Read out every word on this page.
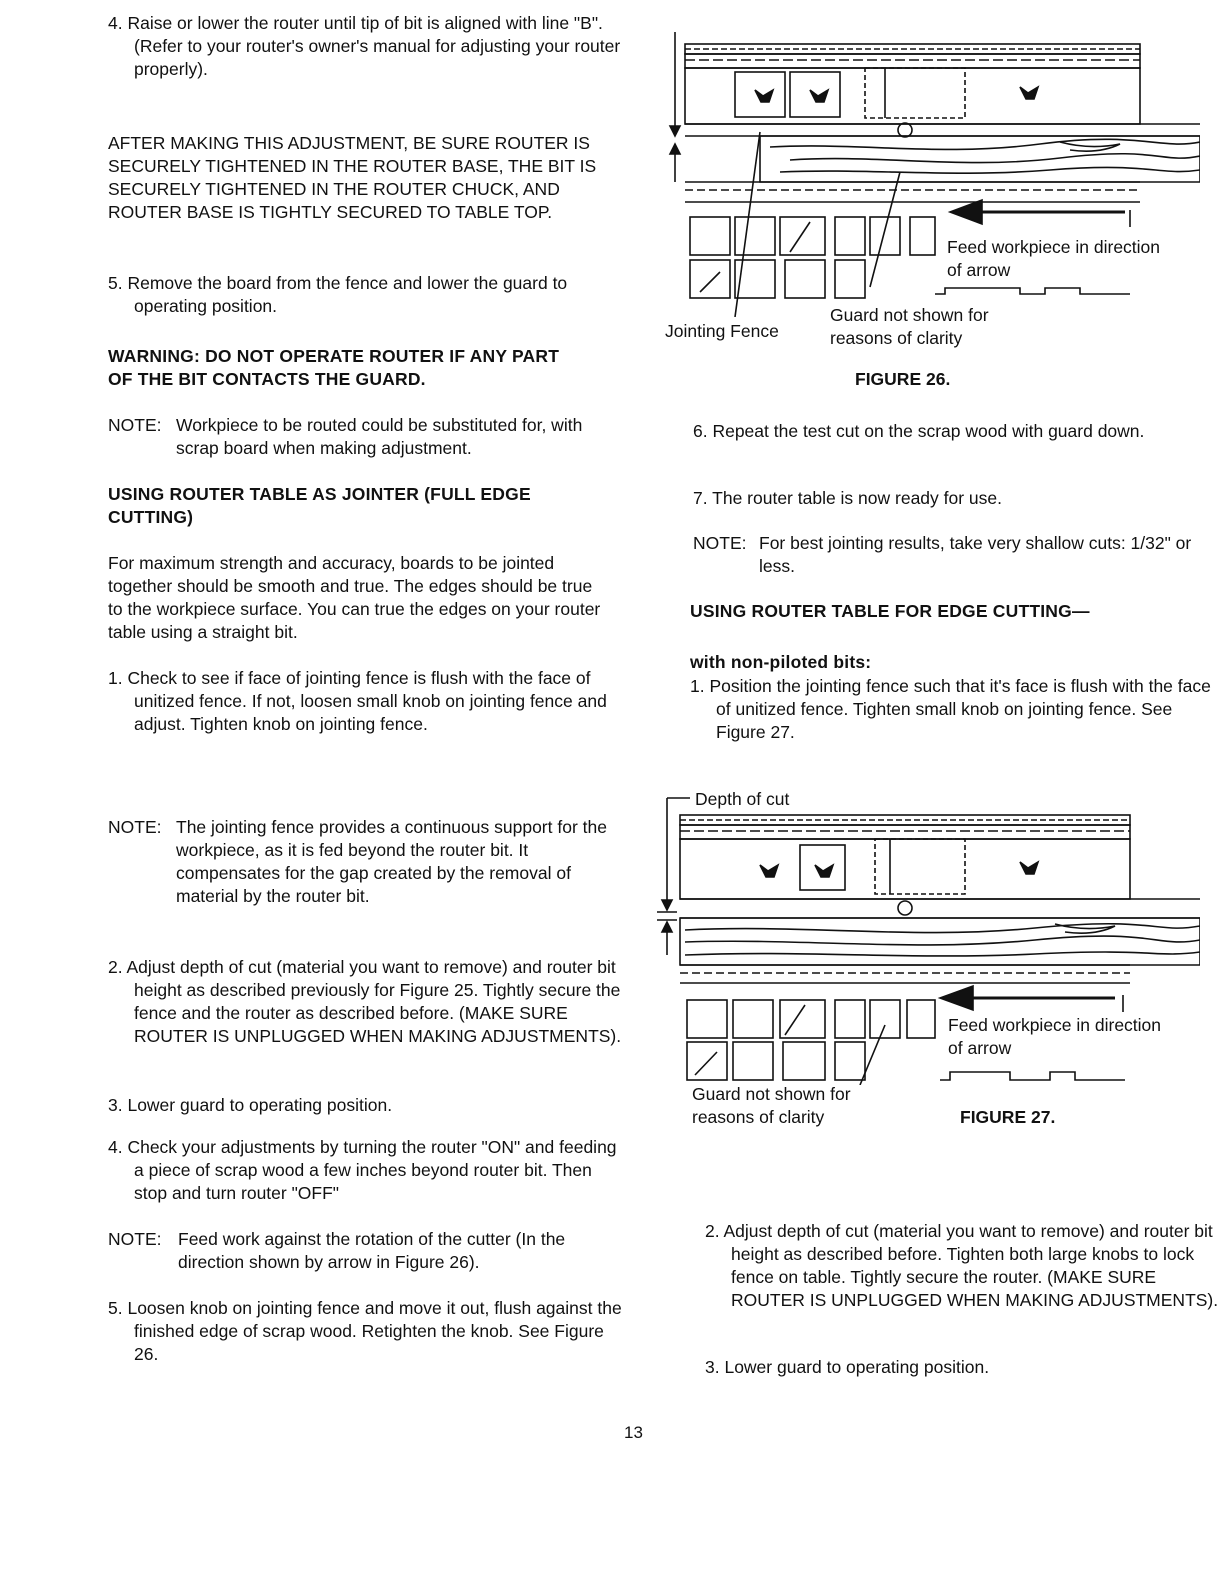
4. Raise or lower the router until tip of bit is aligned with line "B". (Refer to your router's owner's manual for adjusting your router properly).

AFTER MAKING THIS ADJUSTMENT, BE SURE ROUTER IS SECURELY TIGHTENED IN THE ROUTER BASE, THE BIT IS SECURELY TIGHTENED IN THE ROUTER CHUCK, AND ROUTER BASE IS TIGHTLY SECURED TO TABLE TOP.

5. Remove the board from the fence and lower the guard to operating position.

WARNING: DO NOT OPERATE ROUTER IF ANY PART OF THE BIT CONTACTS THE GUARD.

NOTE: Workpiece to be routed could be substituted for, with scrap board when making adjustment.

USING ROUTER TABLE AS JOINTER (FULL EDGE CUTTING)

For maximum strength and accuracy, boards to be jointed together should be smooth and true. The edges should be true to the workpiece surface. You can true the edges on your router table using a straight bit.

1. Check to see if face of jointing fence is flush with the face of unitized fence. If not, loosen small knob on jointing fence and adjust. Tighten knob on jointing fence.

NOTE: The jointing fence provides a continuous support for the workpiece, as it is fed beyond the router bit. It compensates for the gap created by the removal of material by the router bit.

2. Adjust depth of cut (material you want to remove) and router bit height as described previously for Figure 25. Tightly secure the fence and the router as described before. (MAKE SURE ROUTER IS UNPLUGGED WHEN MAKING ADJUSTMENTS).

3. Lower guard to operating position.

4. Check your adjustments by turning the router "ON" and feeding a piece of scrap wood a few inches beyond router bit. Then stop and turn router "OFF"

NOTE: Feed work against the rotation of the cutter (In the direction shown by arrow in Figure 26).

5. Loosen knob on jointing fence and move it out, flush against the finished edge of scrap wood. Retighten the knob. See Figure 26.

Feed workpiece in direction of arrow

Jointing Fence

Guard not shown for reasons of clarity

FIGURE 26.

6. Repeat the test cut on the scrap wood with guard down.

7. The router table is now ready for use.

NOTE: For best jointing results, take very shallow cuts: 1/32" or less.

USING ROUTER TABLE FOR EDGE CUTTING—

with non-piloted bits:

1. Position the jointing fence such that it's face is flush with the face of unitized fence. Tighten small knob on jointing fence. See Figure 27.

Depth of cut

Feed workpiece in direction of arrow

Guard not shown for reasons of clarity	FIGURE 27.

2. Adjust depth of cut (material you want to remove) and router bit height as described before. Tighten both large knobs to lock fence on table. Tightly secure the router. (MAKE SURE ROUTER IS UNPLUGGED WHEN MAKING ADJUSTMENTS).

3. Lower guard to operating position.

13
